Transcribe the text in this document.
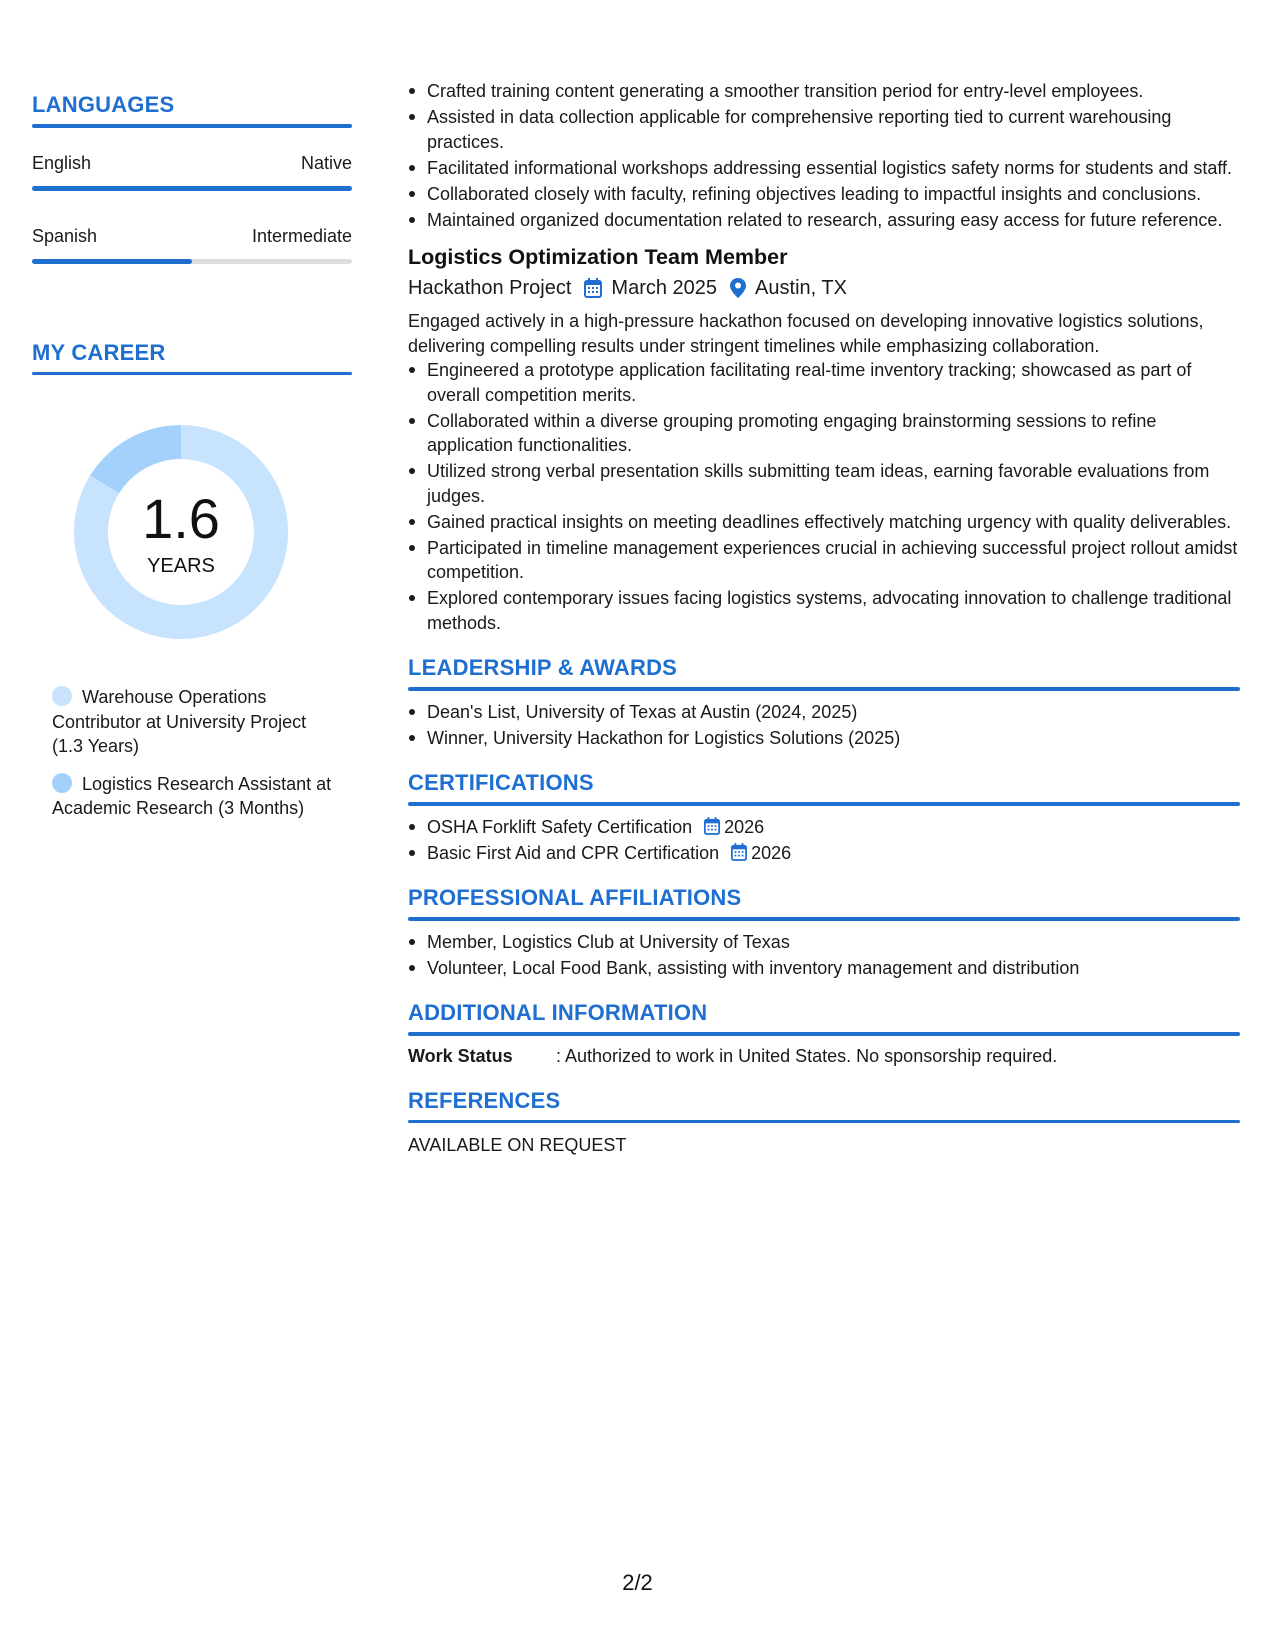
LANGUAGES
English	Native
Spanish	Intermediate
MY CAREER
1.6
YEARS
Warehouse Operations Contributor at University Project (1.3 Years)
Logistics Research Assistant at Academic Research (3 Months)
Crafted training content generating a smoother transition period for entry-level employees.
Assisted in data collection applicable for comprehensive reporting tied to current warehousing practices.
Facilitated informational workshops addressing essential logistics safety norms for students and staff.
Collaborated closely with faculty, refining objectives leading to impactful insights and conclusions.
Maintained organized documentation related to research, assuring easy access for future reference.
Logistics Optimization Team Member
Hackathon Project March 2025 Austin, TX
Engaged actively in a high-pressure hackathon focused on developing innovative logistics solutions, delivering compelling results under stringent timelines while emphasizing collaboration.
Engineered a prototype application facilitating real-time inventory tracking; showcased as part of overall competition merits.
Collaborated within a diverse grouping promoting engaging brainstorming sessions to refine application functionalities.
Utilized strong verbal presentation skills submitting team ideas, earning favorable evaluations from judges.
Gained practical insights on meeting deadlines effectively matching urgency with quality deliverables.
Participated in timeline management experiences crucial in achieving successful project rollout amidst competition.
Explored contemporary issues facing logistics systems, advocating innovation to challenge traditional methods.
LEADERSHIP & AWARDS
Dean's List, University of Texas at Austin (2024, 2025)
Winner, University Hackathon for Logistics Solutions (2025)
CERTIFICATIONS
OSHA Forklift Safety Certification 2026
Basic First Aid and CPR Certification 2026
PROFESSIONAL AFFILIATIONS
Member, Logistics Club at University of Texas
Volunteer, Local Food Bank, assisting with inventory management and distribution
ADDITIONAL INFORMATION
Work Status	: Authorized to work in United States. No sponsorship required.
REFERENCES
AVAILABLE ON REQUEST
2/2
